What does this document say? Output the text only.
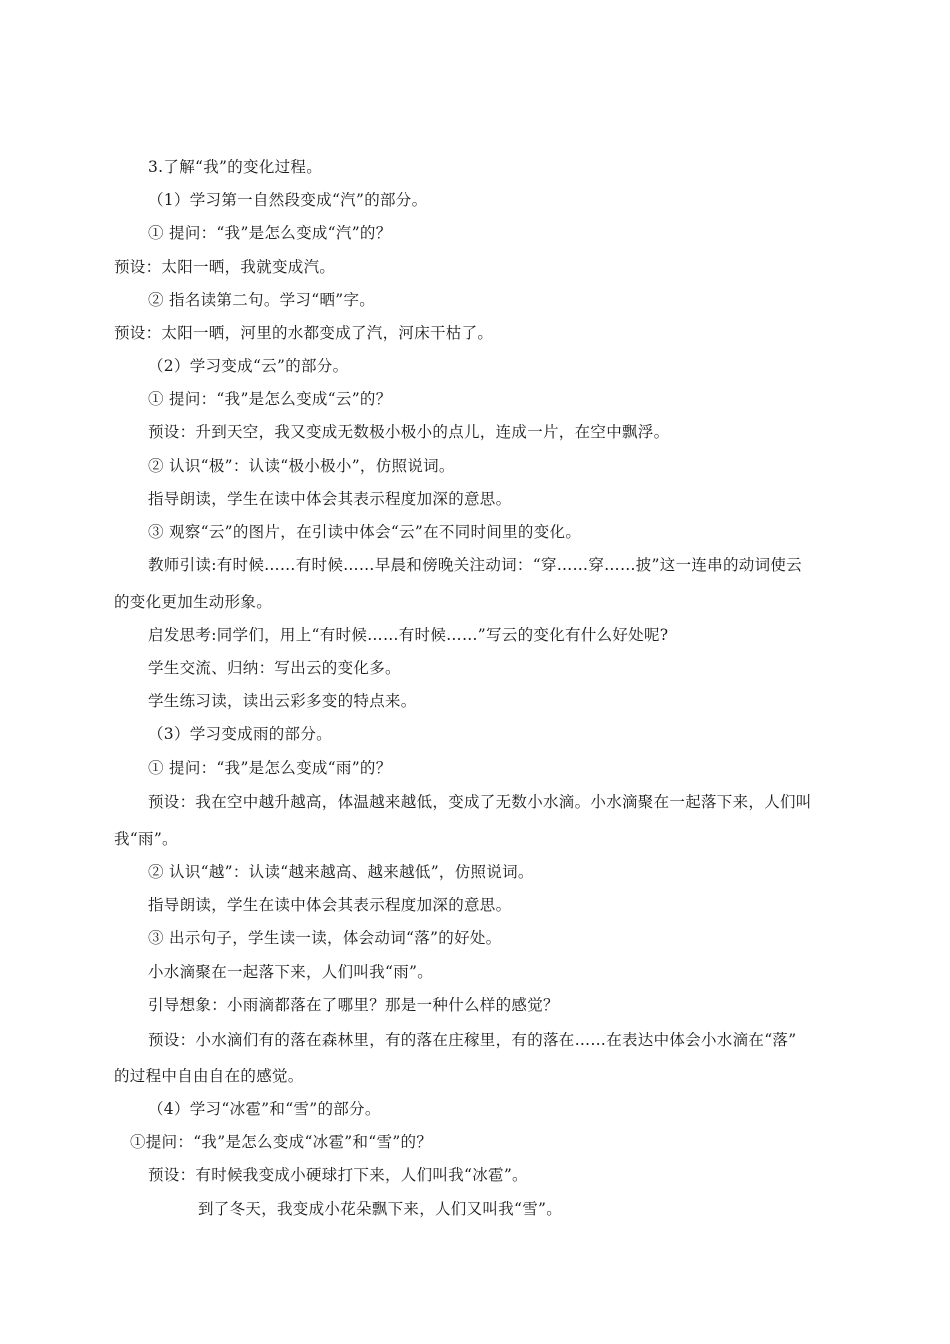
3.了解“我”的变化过程。
（1）学习第一自然段变成“汽”的部分。
① 提问：“我”是怎么变成“汽”的？
预设：太阳一晒，我就变成汽。
② 指名读第二句。学习“晒”字。
预设：太阳一晒，河里的水都变成了汽，河床干枯了。
（2）学习变成“云”的部分。
① 提问：“我”是怎么变成“云”的？
预设：升到天空，我又变成无数极小极小的点儿，连成一片，在空中飘浮。
② 认识“极”：认读“极小极小”，仿照说词。
指导朗读，学生在读中体会其表示程度加深的意思。
③ 观察“云”的图片，在引读中体会“云”在不同时间里的变化。
教师引读:有时候……有时候……早晨和傍晚关注动词：“穿……穿……披”这一连串的动词使云
的变化更加生动形象。
启发思考:同学们，用上“有时候……有时候……”写云的变化有什么好处呢?
学生交流、归纳：写出云的变化多。
学生练习读，读出云彩多变的特点来。
（3）学习变成雨的部分。
① 提问：“我”是怎么变成“雨”的？
预设：我在空中越升越高，体温越来越低，变成了无数小水滴。小水滴聚在一起落下来，人们叫
我“雨”。
② 认识“越”：认读“越来越高、越来越低”，仿照说词。
指导朗读，学生在读中体会其表示程度加深的意思。
③ 出示句子，学生读一读，体会动词“落”的好处。
小水滴聚在一起落下来，人们叫我“雨”。
引导想象：小雨滴都落在了哪里？那是一种什么样的感觉？
预设：小水滴们有的落在森林里，有的落在庄稼里，有的落在……在表达中体会小水滴在“落”
的过程中自由自在的感觉。
（4）学习“冰雹”和“雪”的部分。
①提问：“我”是怎么变成“冰雹”和“雪”的？
预设：有时候我变成小硬球打下来，人们叫我“冰雹”。
到了冬天，我变成小花朵飘下来，人们又叫我“雪”。
